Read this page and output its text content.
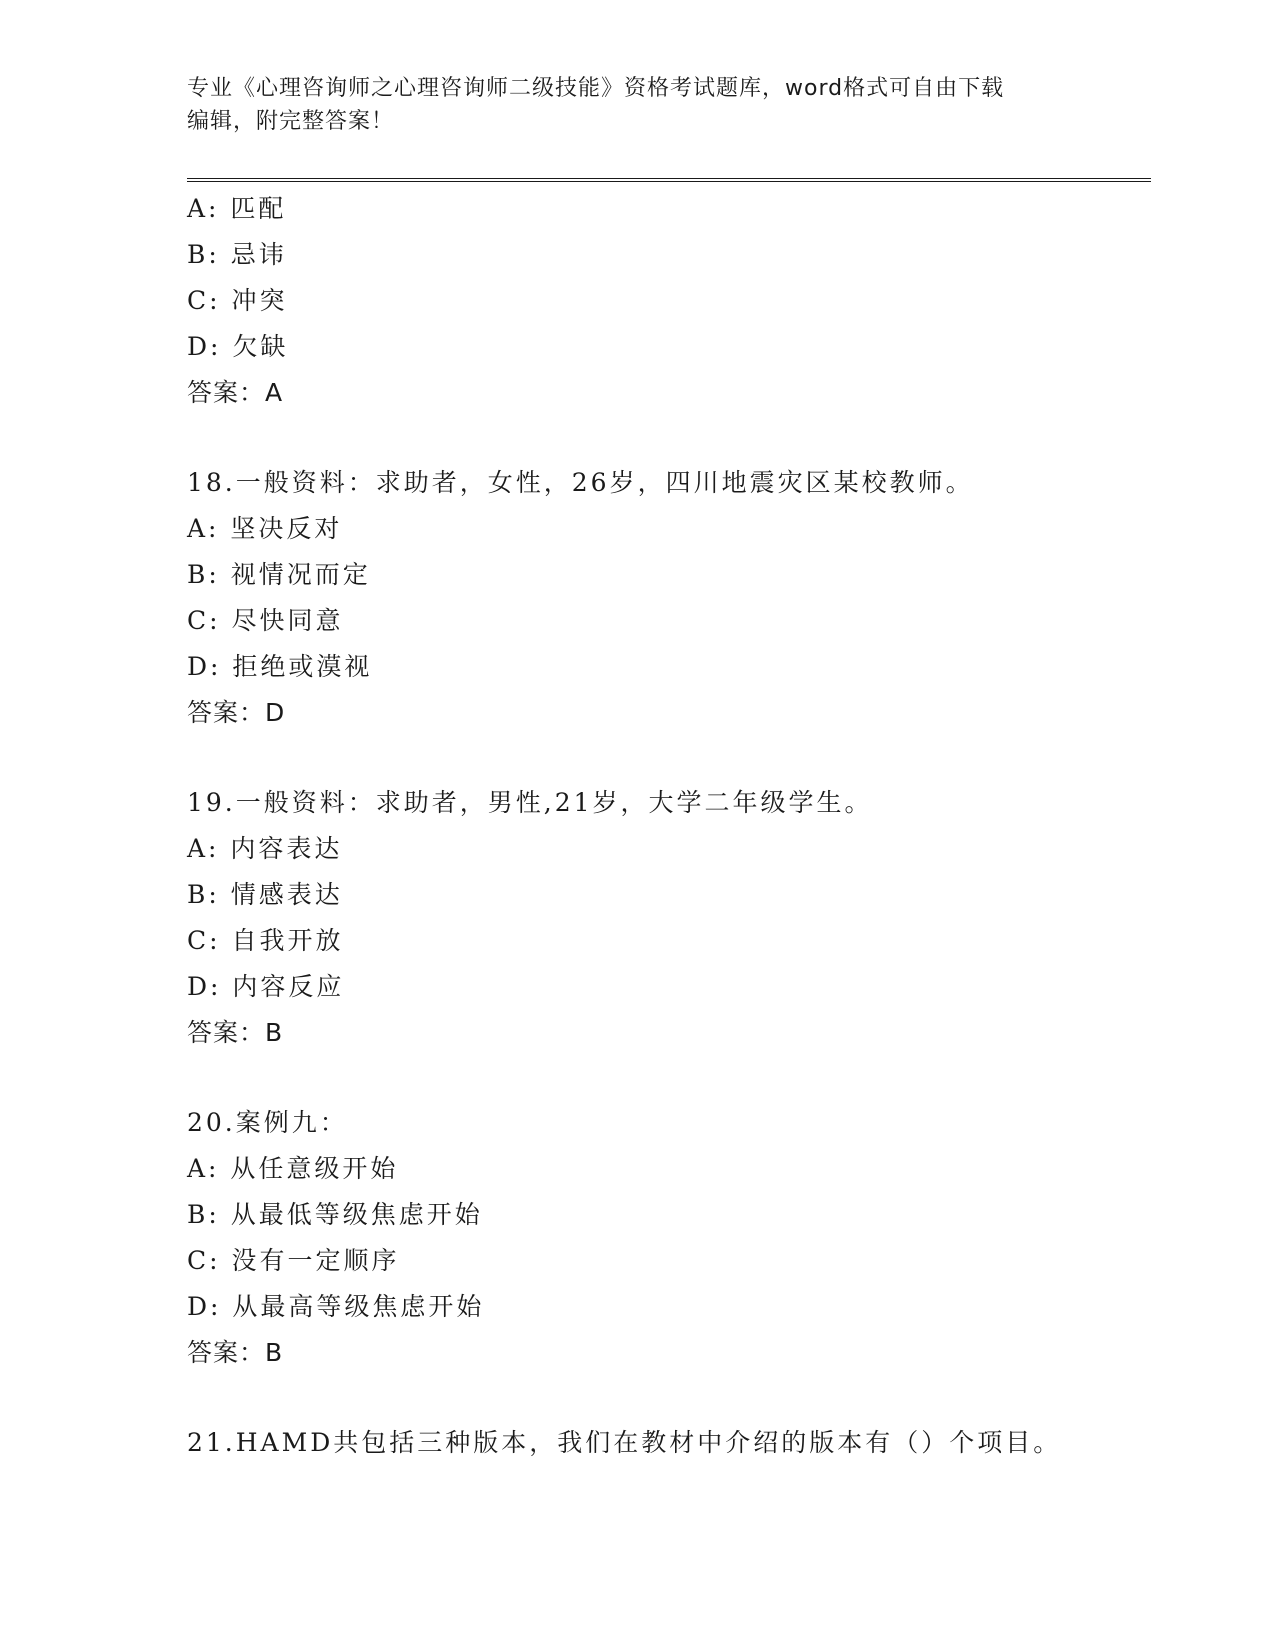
专业《心理咨询师之心理咨询师二级技能》资格考试题库，word格式可自由下载
编辑，附完整答案！
A: 匹配
B: 忌讳
C: 冲突
D: 欠缺
答案：A
18.一般资料：求助者，女性，26岁，四川地震灾区某校教师。
A: 坚决反对
B: 视情况而定
C: 尽快同意
D: 拒绝或漠视
答案：D
19.一般资料：求助者，男性,21岁，大学二年级学生。
A: 内容表达
B: 情感表达
C: 自我开放
D: 内容反应
答案：B
20.案例九：
A: 从任意级开始
B: 从最低等级焦虑开始
C: 没有一定顺序
D: 从最高等级焦虑开始
答案：B
21.HAMD共包括三种版本，我们在教材中介绍的版本有（）个项目。
